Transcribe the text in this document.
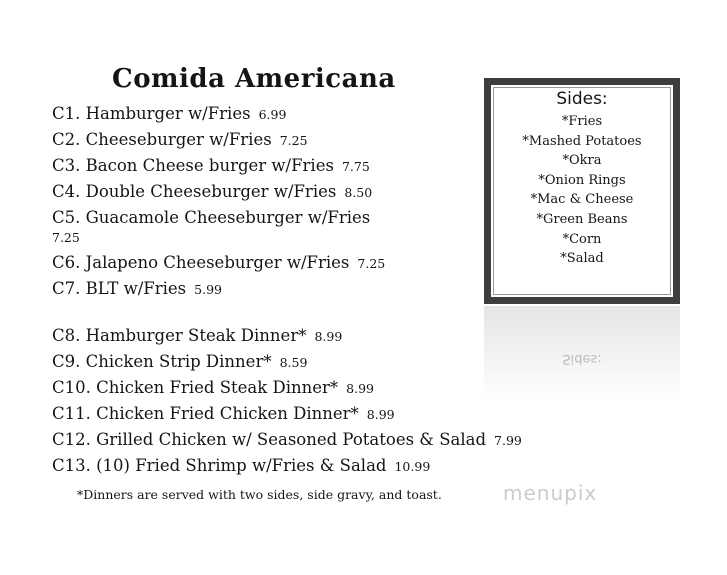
Comida Americana
C1. Hamburger w/Fries 6.99
C2. Cheeseburger w/Fries 7.25
C3. Bacon Cheese burger w/Fries 7.75
C4. Double Cheeseburger w/Fries 8.50
C5. Guacamole Cheeseburger w/Fries
7.25
C6. Jalapeno Cheeseburger w/Fries 7.25
C7. BLT w/Fries 5.99
C8. Hamburger Steak Dinner* 8.99
C9. Chicken Strip Dinner* 8.59
C10. Chicken Fried Steak Dinner* 8.99
C11. Chicken Fried Chicken Dinner* 8.99
C12. Grilled Chicken w/ Seasoned Potatoes & Salad 7.99
C13. (10) Fried Shrimp w/Fries & Salad 10.99
*Dinners are served with two sides, side gravy, and toast.
Sides:
*Fries
*Mashed Potatoes
*Okra
*Onion Rings
*Mac & Cheese
*Green Beans
*Corn
*Salad
Sides:
menupix
